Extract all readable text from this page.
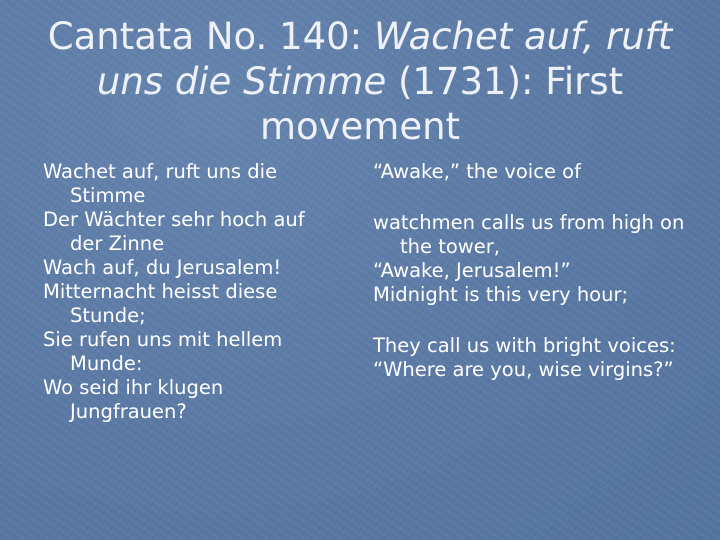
Cantata No. 140: Wachet auf, ruft uns die Stimme (1731): First movement

Wachet auf, ruft uns die Stimme

Der Wächter sehr hoch auf der Zinne

Wach auf, du Jerusalem!

Mitternacht heisst diese Stunde;

Sie rufen uns mit hellem Munde:

Wo seid ihr klugen Jungfrauen?

“Awake,” the voice of

watchmen calls us from high on the tower,

“Awake, Jerusalem!”

Midnight is this very hour;

They call us with bright voices:

“Where are you, wise virgins?”
